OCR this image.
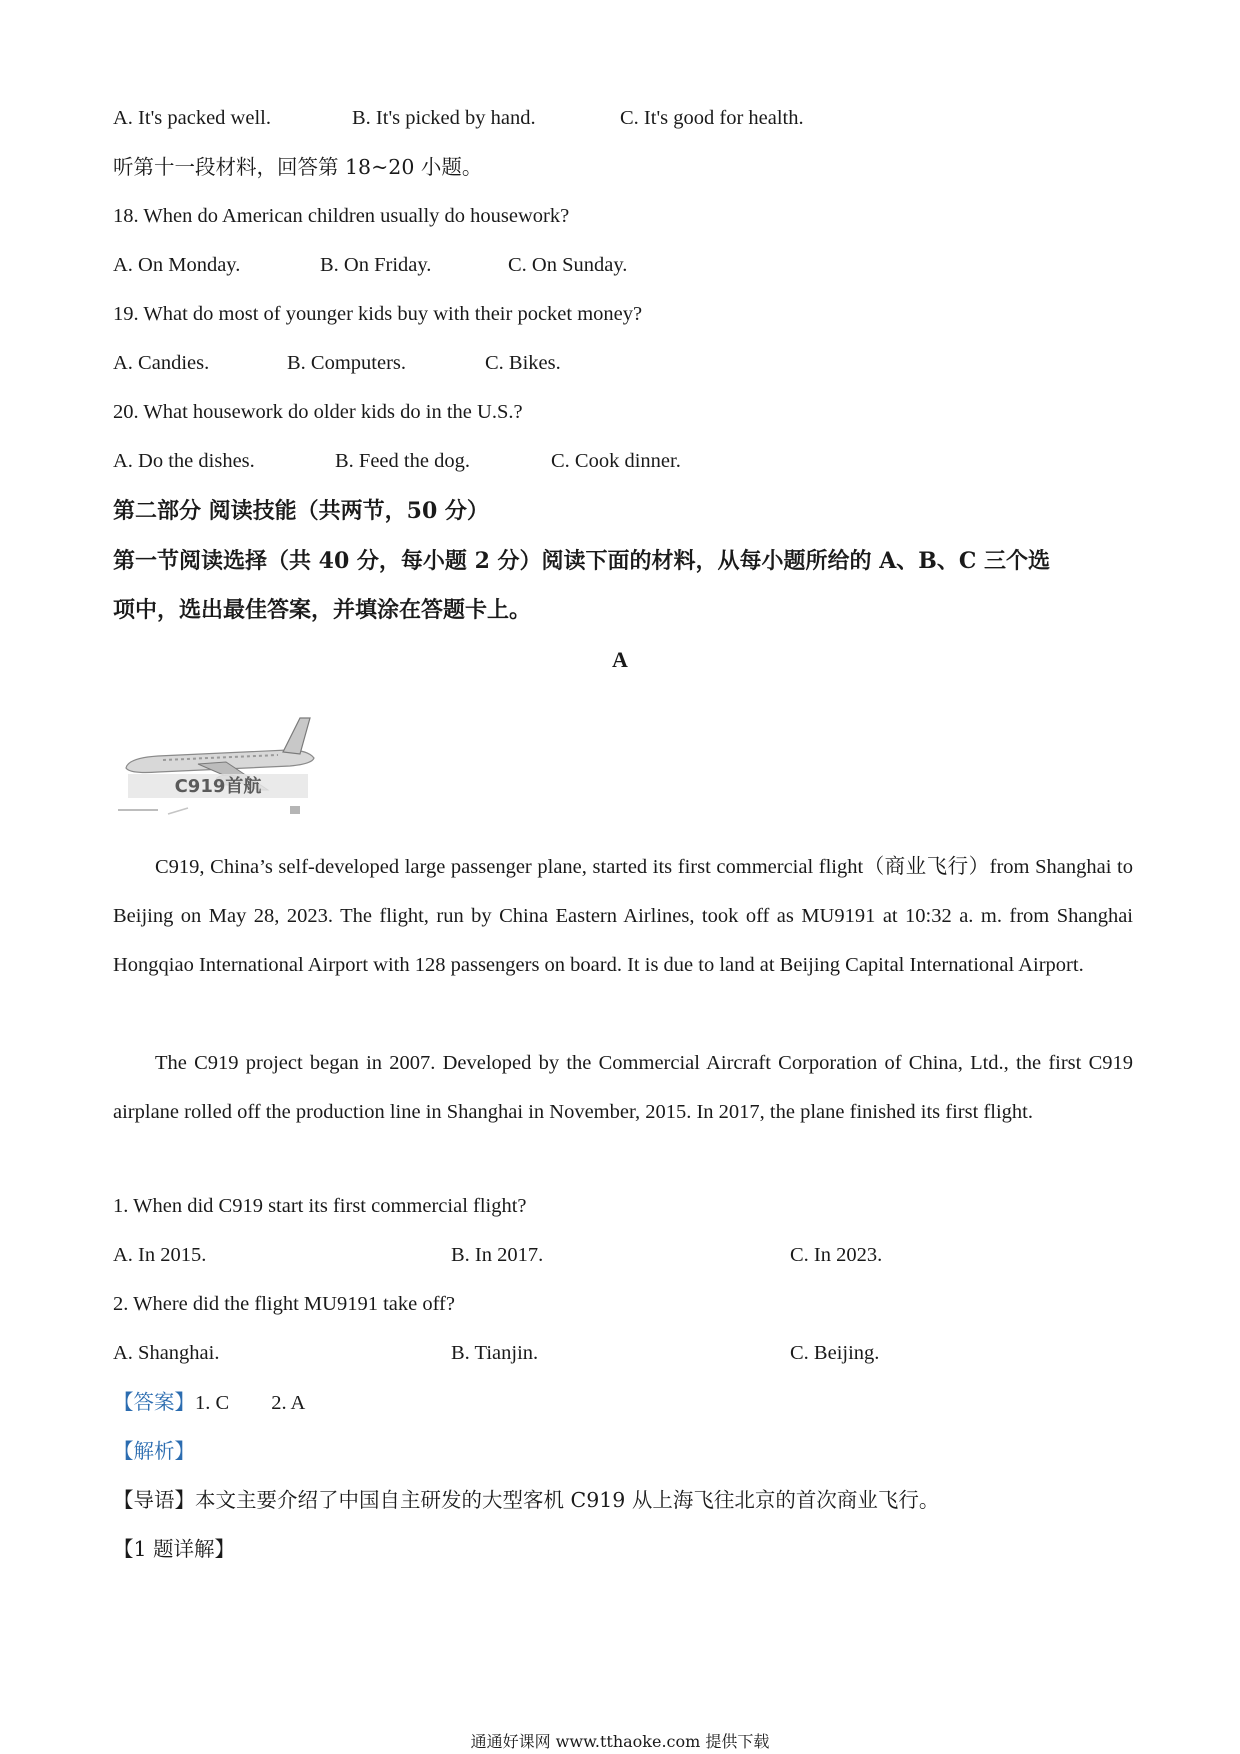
A. It's packed well.	B. It's picked by hand.	C. It's good for health.
听第十一段材料，回答第 18~20 小题。
18. When do American children usually do housework?
A. On Monday.	B. On Friday.	C. On Sunday.
19. What do most of younger kids buy with their pocket money?
A. Candies.	B. Computers.	C. Bikes.
20. What housework do older kids do in the U.S.?
A. Do the dishes.	B. Feed the dog.	C. Cook dinner.
第二部分 阅读技能（共两节，50 分）
第一节阅读选择（共 40 分，每小题 2 分）阅读下面的材料，从每小题所给的 A、B、C 三个选
项中，选出最佳答案，并填涂在答题卡上。
A
C919首航
C919, China’s self-developed large passenger plane, started its first commercial flight（商业飞行）from Shanghai to Beijing on May 28, 2023. The flight, run by China Eastern Airlines, took off as MU9191 at 10:32 a. m. from Shanghai Hongqiao International Airport with 128 passengers on board. It is due to land at Beijing Capital International Airport.
The C919 project began in 2007. Developed by the Commercial Aircraft Corporation of China, Ltd., the first C919 airplane rolled off the production line in Shanghai in November, 2015. In 2017, the plane finished its first flight.
1. When did C919 start its first commercial flight?
A. In 2015.	B. In 2017.	C. In 2023.
2. Where did the flight MU9191 take off?
A. Shanghai.	B. Tianjin.	C. Beijing.
【答案】1. C 2. A
【解析】
【导语】本文主要介绍了中国自主研发的大型客机 C919 从上海飞往北京的首次商业飞行。
【1 题详解】
通通好课网 www.tthaoke.com 提供下载
